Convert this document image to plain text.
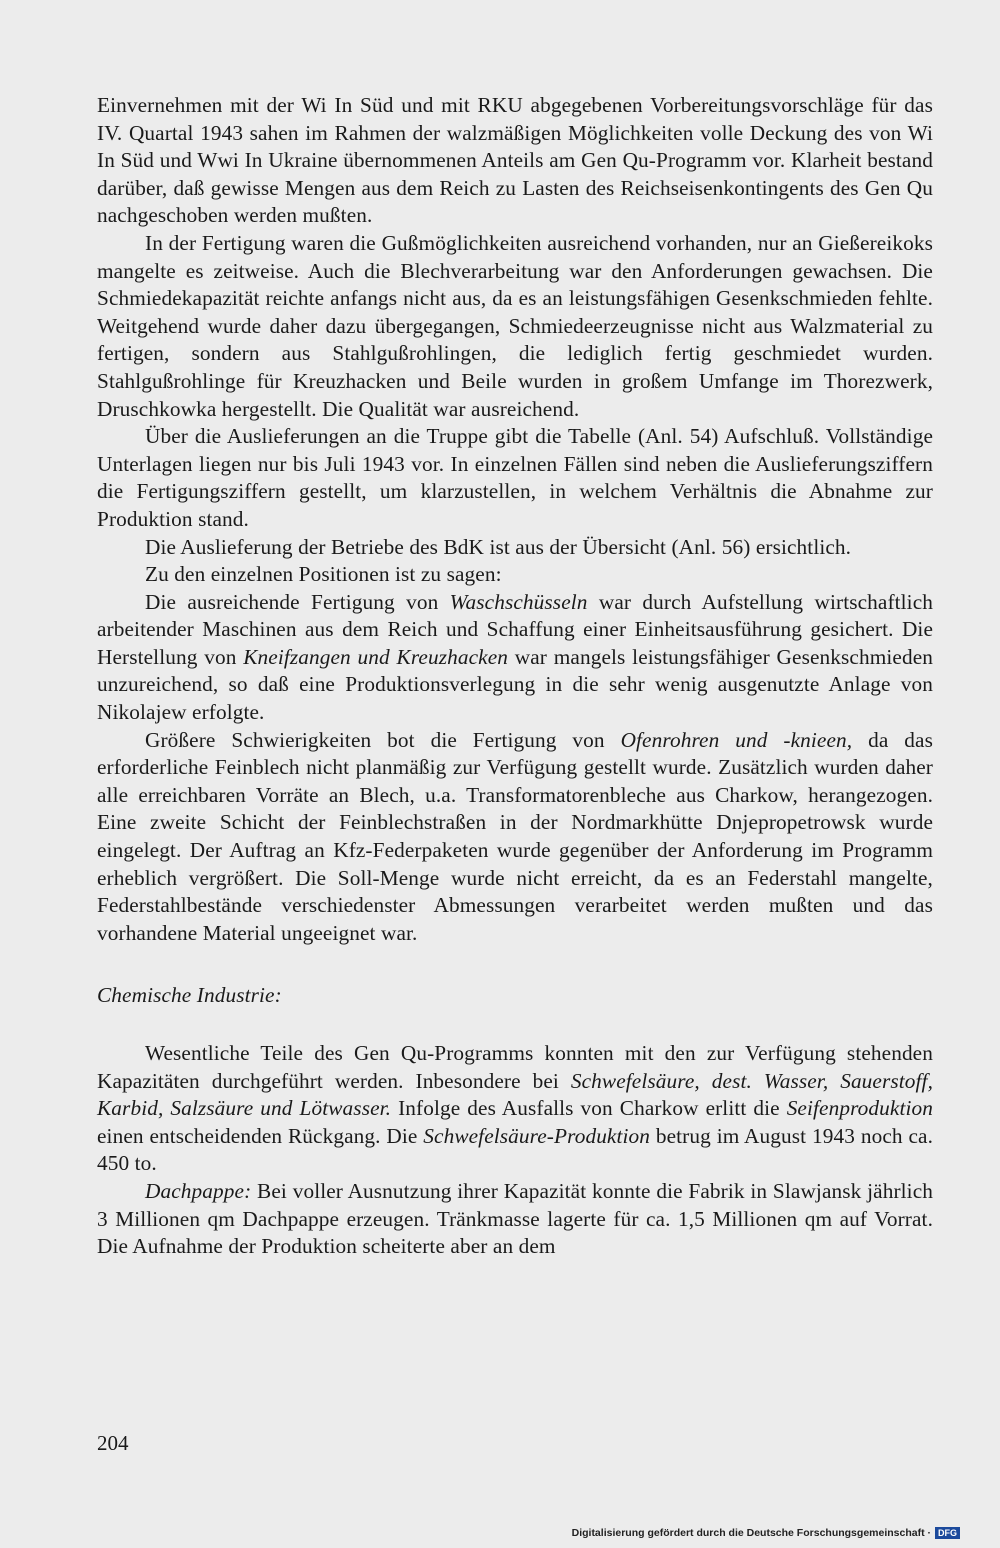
Einvernehmen mit der Wi In Süd und mit RKU abgegebenen Vorbereitungsvorschläge für das IV. Quartal 1943 sahen im Rahmen der walzmäßigen Möglichkeiten volle Deckung des von Wi In Süd und Wwi In Ukraine übernommenen Anteils am Gen Qu-Programm vor. Klarheit bestand darüber, daß gewisse Mengen aus dem Reich zu Lasten des Reichseisenkontingents des Gen Qu nachgeschoben werden mußten.

In der Fertigung waren die Gußmöglichkeiten ausreichend vorhanden, nur an Gießereikoks mangelte es zeitweise. Auch die Blechverarbeitung war den Anforderungen gewachsen. Die Schmiedekapazität reichte anfangs nicht aus, da es an leistungsfähigen Gesenkschmieden fehlte. Weitgehend wurde daher dazu übergegangen, Schmiedeerzeugnisse nicht aus Walzmaterial zu fertigen, sondern aus Stahlgußrohlingen, die lediglich fertig geschmiedet wurden. Stahlgußrohlinge für Kreuzhacken und Beile wurden in großem Umfange im Thorezwerk, Druschkowka hergestellt. Die Qualität war ausreichend.

Über die Auslieferungen an die Truppe gibt die Tabelle (Anl. 54) Aufschluß. Vollständige Unterlagen liegen nur bis Juli 1943 vor. In einzelnen Fällen sind neben die Auslieferungsziffern die Fertigungsziffern gestellt, um klarzustellen, in welchem Verhältnis die Abnahme zur Produktion stand.

Die Auslieferung der Betriebe des BdK ist aus der Übersicht (Anl. 56) ersichtlich.

Zu den einzelnen Positionen ist zu sagen:

Die ausreichende Fertigung von Waschschüsseln war durch Aufstellung wirtschaftlich arbeitender Maschinen aus dem Reich und Schaffung einer Einheitsausführung gesichert. Die Herstellung von Kneifzangen und Kreuzhacken war mangels leistungsfähiger Gesenkschmieden unzureichend, so daß eine Produktionsverlegung in die sehr wenig ausgenutzte Anlage von Nikolajew erfolgte.

Größere Schwierigkeiten bot die Fertigung von Ofenrohren und -knieen, da das erforderliche Feinblech nicht planmäßig zur Verfügung gestellt wurde. Zusätzlich wurden daher alle erreichbaren Vorräte an Blech, u.a. Transformatorenbleche aus Charkow, herangezogen. Eine zweite Schicht der Feinblechstraßen in der Nordmarkhütte Dnjepropetrowsk wurde eingelegt. Der Auftrag an Kfz-Federpaketen wurde gegenüber der Anforderung im Programm erheblich vergrößert. Die Soll-Menge wurde nicht erreicht, da es an Federstahl mangelte, Federstahlbestände verschiedenster Abmessungen verarbeitet werden mußten und das vorhandene Material ungeeignet war.

Chemische Industrie:

Wesentliche Teile des Gen Qu-Programms konnten mit den zur Verfügung stehenden Kapazitäten durchgeführt werden. Inbesondere bei Schwefelsäure, dest. Wasser, Sauerstoff, Karbid, Salzsäure und Lötwasser. Infolge des Ausfalls von Charkow erlitt die Seifenproduktion einen entscheidenden Rückgang. Die Schwefelsäure-Produktion betrug im August 1943 noch ca. 450 to.

Dachpappe: Bei voller Ausnutzung ihrer Kapazität konnte die Fabrik in Slawjansk jährlich 3 Millionen qm Dachpappe erzeugen. Tränkmasse lagerte für ca. 1,5 Millionen qm auf Vorrat. Die Aufnahme der Produktion scheiterte aber an dem

204
Digitalisierung gefördert durch die Deutsche Forschungsgemeinschaft · DFG
